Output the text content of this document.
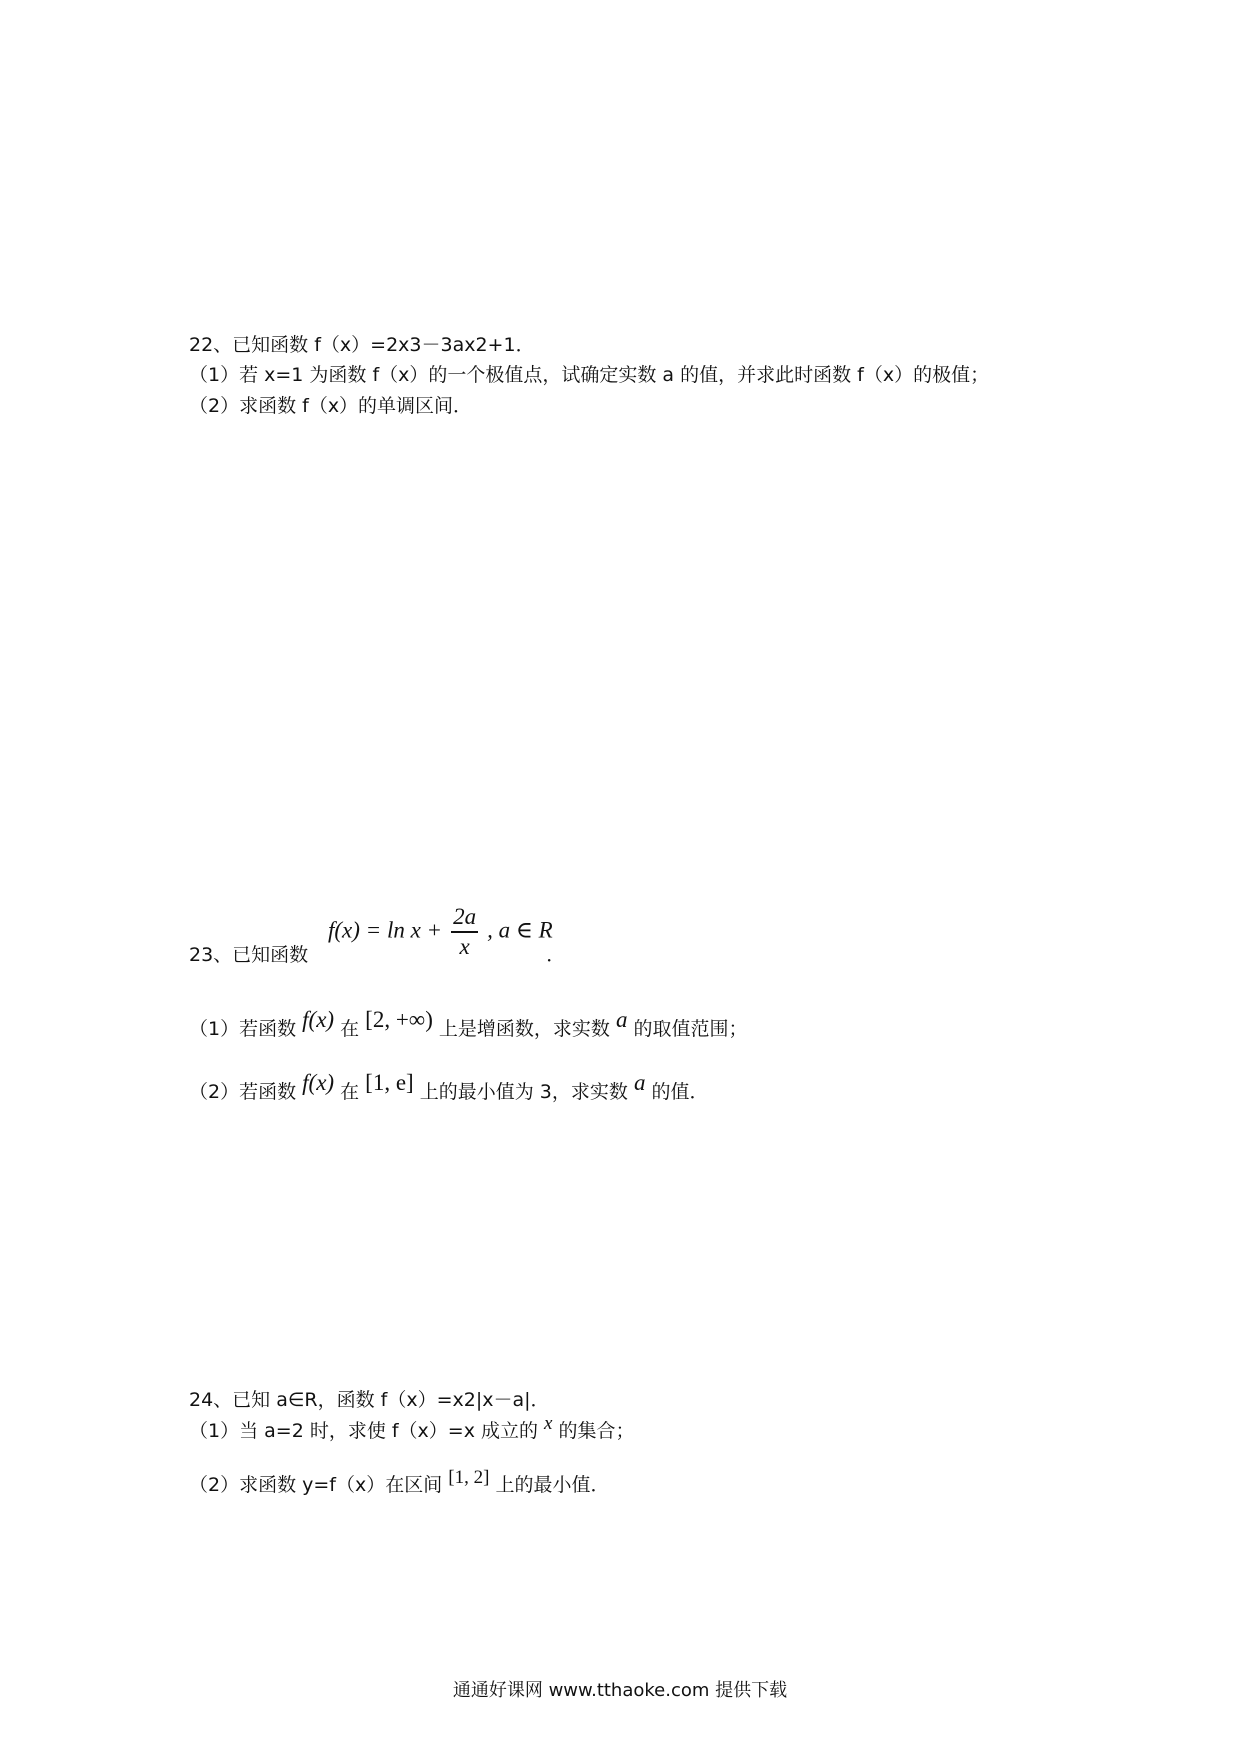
22、已知函数 f（x）=2x3－3ax2+1．
（1）若 x=1 为函数 f（x）的一个极值点，试确定实数 a 的值，并求此时函数 f（x）的极值；
（2）求函数 f（x）的单调区间．
$f(x) = \ln x + \frac{2a}{x}$ , a ∈ R
23、已知函数	．
（1）若函数 f(x) 在 [2, +∞) 上是增函数，求实数 a 的取值范围；
（2）若函数 f(x) 在 [1, e] 上的最小值为 3，求实数 a 的值．
24、已知 a∈R，函数 f（x）=x2|x－a|．
（1）当 a=2 时，求使 f（x）=x 成立的 x 的集合；
（2）求函数 y=f（x）在区间 [1, 2] 上的最小值．
通通好课网 www.tthaoke.com 提供下载
